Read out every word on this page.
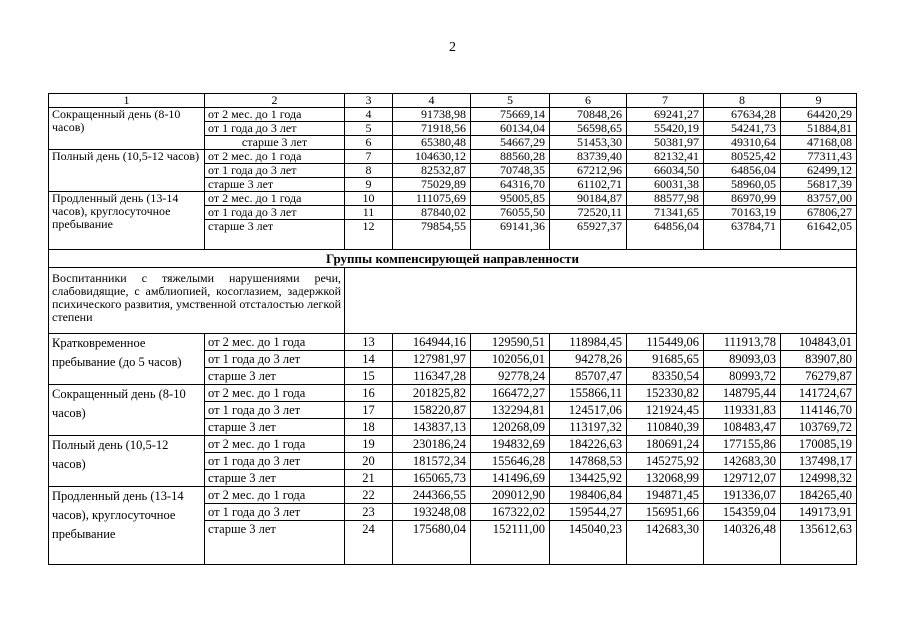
2
1	2	3	4	5	6	7	8	9
Сокращенный день (8-10 часов)	от 2 мес. до 1 года	4	91738,98	75669,14	70848,26	69241,27	67634,28	64420,29
	от 1 года до 3 лет	5	71918,56	60134,04	56598,65	55420,19	54241,73	51884,81
	старше 3 лет	6	65380,48	54667,29	51453,30	50381,97	49310,64	47168,08
Полный день (10,5-12 часов)	от 2 мес. до 1 года	7	104630,12	88560,28	83739,40	82132,41	80525,42	77311,43
	от 1 года до 3 лет	8	82532,87	70748,35	67212,96	66034,50	64856,04	62499,12
	старше 3 лет	9	75029,89	64316,70	61102,71	60031,38	58960,05	56817,39
Продленный день (13-14 часов), круглосуточное пребывание	от 2 мес. до 1 года	10	111075,69	95005,85	90184,87	88577,98	86970,99	83757,00
	от 1 года до 3 лет	11	87840,02	76055,50	72520,11	71341,65	70163,19	67806,27
	старше 3 лет	12	79854,55	69141,36	65927,37	64856,04	63784,71	61642,05
Группы компенсирующей направленности								
Воспитанники с тяжелыми нарушениями речи, слабовидящие, с амблиопией, косоглазием, задержкой психического развития, умственной отсталостью легкой степени								
Кратковременное пребывание (до 5 часов)	от 2 мес. до 1 года	13	164944,16	129590,51	118984,45	115449,06	111913,78	104843,01
	от 1 года до 3 лет	14	127981,97	102056,01	94278,26	91685,65	89093,03	83907,80
	старше 3 лет	15	116347,28	92778,24	85707,47	83350,54	80993,72	76279,87
Сокращенный день (8-10 часов)	от 2 мес. до 1 года	16	201825,82	166472,27	155866,11	152330,82	148795,44	141724,67
	от 1 года до 3 лет	17	158220,87	132294,81	124517,06	121924,45	119331,83	114146,70
	старше 3 лет	18	143837,13	120268,09	113197,32	110840,39	108483,47	103769,72
Полный день (10,5-12 часов)	от 2 мес. до 1 года	19	230186,24	194832,69	184226,63	180691,24	177155,86	170085,19
	от 1 года до 3 лет	20	181572,34	155646,28	147868,53	145275,92	142683,30	137498,17
	старше 3 лет	21	165065,73	141496,69	134425,92	132068,99	129712,07	124998,32
Продленный день (13-14 часов), круглосуточное пребывание	от 2 мес. до 1 года	22	244366,55	209012,90	198406,84	194871,45	191336,07	184265,40
	от 1 года до 3 лет	23	193248,08	167322,02	159544,27	156951,66	154359,04	149173,91
	старше 3 лет	24	175680,04	152111,00	145040,23	142683,30	140326,48	135612,63
